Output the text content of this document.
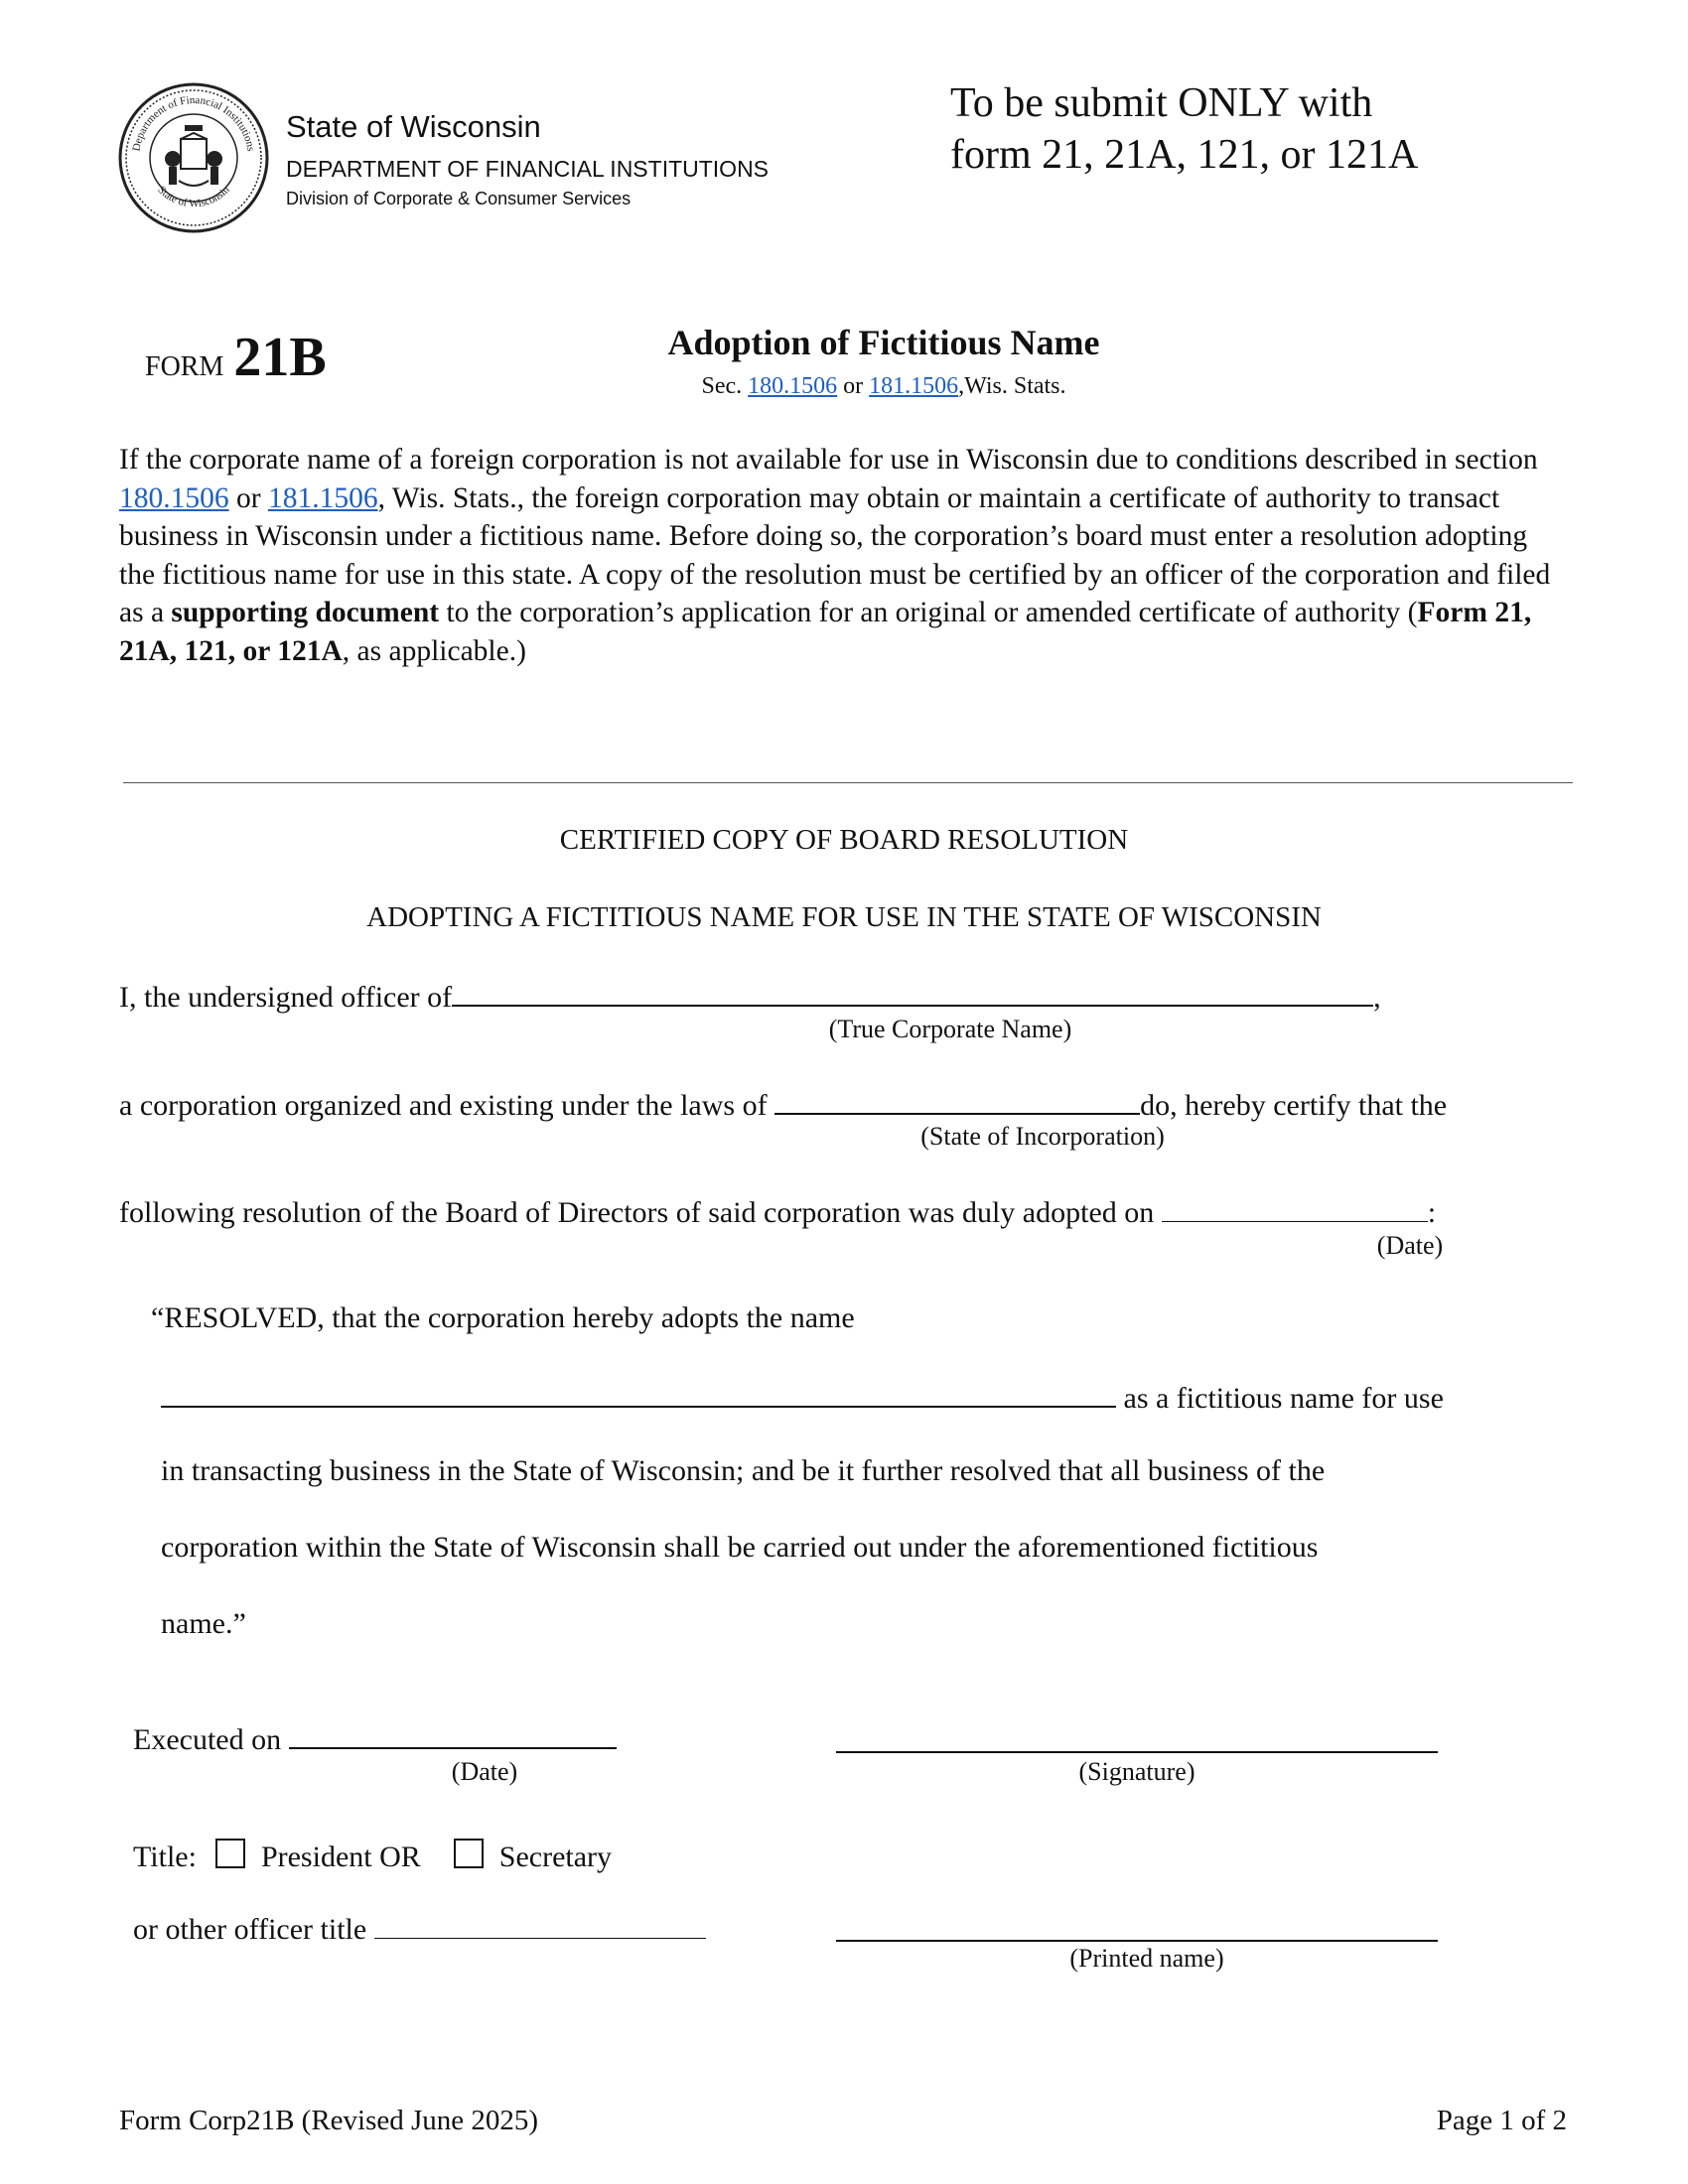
Department of Financial Institutions
State of Wisconsin
State of Wisconsin
DEPARTMENT OF FINANCIAL INSTITUTIONS
Division of Corporate & Consumer Services
To be submit ONLY with
form 21, 21A, 121, or 121A
FORM 21B	Adoption of Fictitious Name
Sec. 180.1506 or 181.1506,Wis. Stats.
If the corporate name of a foreign corporation is not available for use in Wisconsin due to conditions described in section 180.1506 or 181.1506, Wis. Stats., the foreign corporation may obtain or maintain a certificate of authority to transact business in Wisconsin under a fictitious name. Before doing so, the corporation’s board must enter a resolution adopting the fictitious name for use in this state. A copy of the resolution must be certified by an officer of the corporation and filed as a supporting document to the corporation’s application for an original or amended certificate of authority (Form 21, 21A, 121, or 121A, as applicable.)
CERTIFIED COPY OF BOARD RESOLUTION
ADOPTING A FICTITIOUS NAME FOR USE IN THE STATE OF WISCONSIN
I, the undersigned officer of	,
(True Corporate Name)
a corporation organized and existing under the laws of	do, hereby certify that the
(State of Incorporation)
following resolution of the Board of Directors of said corporation was duly adopted on	:
(Date)
“RESOLVED, that the corporation hereby adopts the name
as a fictitious name for use
in transacting business in the State of Wisconsin; and be it further resolved that all business of the
corporation within the State of Wisconsin shall be carried out under the aforementioned fictitious
name.”
Executed on
(Date)	(Signature)
Title: President OR	Secretary
or other officer title
(Printed name)
Form Corp21B (Revised June 2025)	Page 1 of 2
